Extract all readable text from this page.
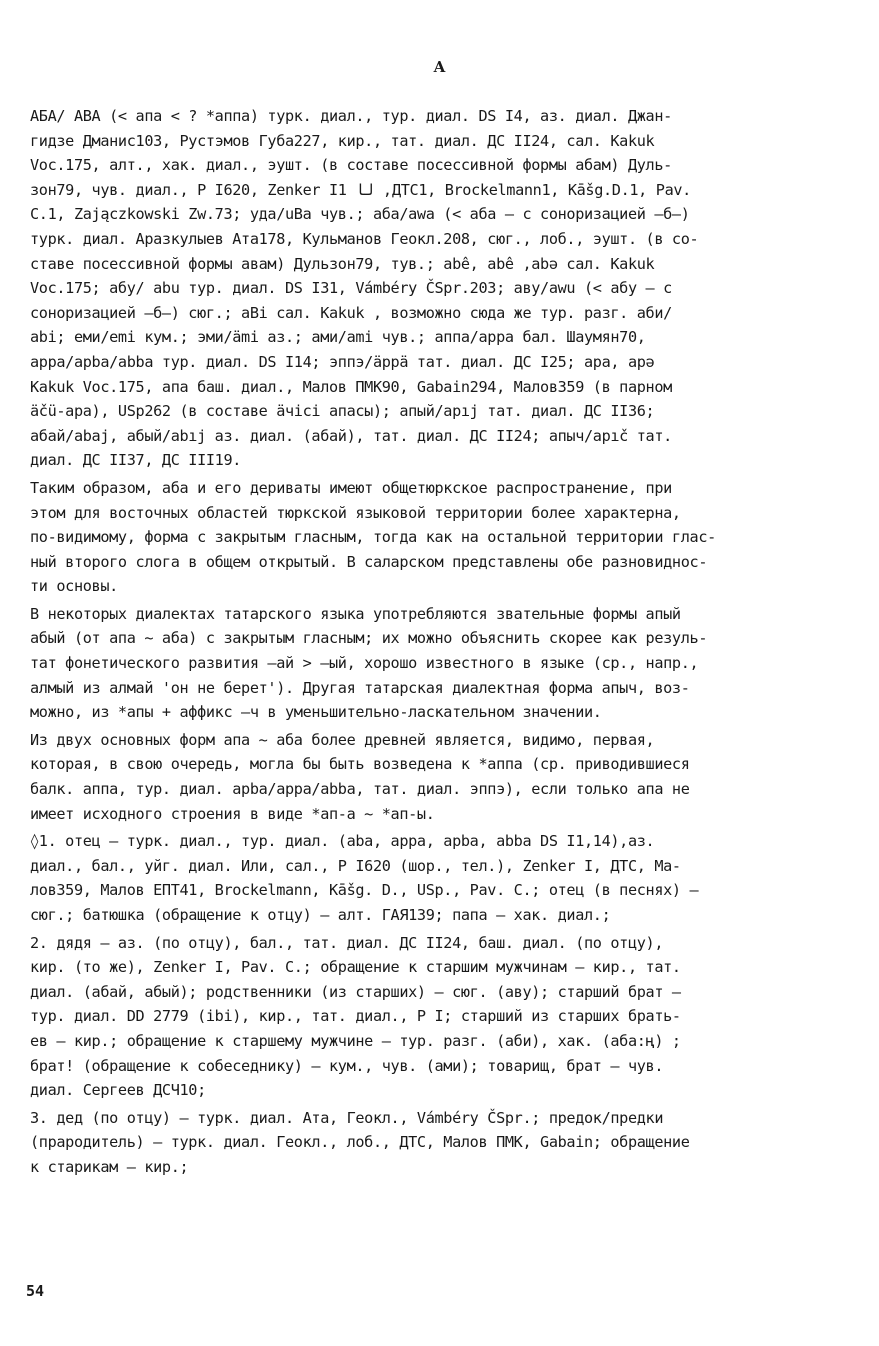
А
АБА/ ABA (< апа < ? *аппа) турк. диал., тур. диал. DS I4, аз. диал. Джан-
гидзе Дманис103, Рустэмов Губа227, кир., тат. диал. ДС II24, сал. Kakuk
Voc.175, алт., хак. диал., эушт. (в составе посессивной формы абам) Дуль-
зон79, чув. диал., Р I620, Zenker I1 ل‍ا ,ДТС1, Brockelmann1, Kāšg.D.1, Pav.
C.1, Zajączkowski Zw.73; уда/uBa чув.; аба/awa (< аба – с соноризацией –б–)
турк. диал. Аразкулыев Ата178, Кульманов Геокл.208, сюг., лоб., эушт. (в со-
ставе посессивной формы авам) Дульзон79, тув.; abê, abê ,abə сал. Kakuk
Voc.175; абу/ abu тур. диал. DS I31, Vámbéry ČSpr.203; аву/awu (< абу – с
соноризацией –б–) сюг.; aBi сал. Kakuk , возможно сюда же тур. разг. аби/
abi; еми/emi кум.; эми/ämi аз.; ами/ami чув.; аппа/appa бал. Шаумян70,
appa/apba/abba тур. диал. DS I14; эппэ/äppä тат. диал. ДС I25; apa, apə
Kakuk Voc.175, апа баш. диал., Малов ПМК90, Gabain294, Малов359 (в парном
äčü-apa), USp262 (в составе äчісі апасы); апый/apıj тат. диал. ДС II36;
абай/abaj, абый/abıj аз. диал. (абай), тат. диал. ДС II24; апыч/apıč тат.
диал. ДС II37, ДС III19.
Таким образом, аба и его дериваты имеют общетюркское распространение, при
этом для восточных областей тюркской языковой территории более характерна,
по-видимому, форма с закрытым гласным, тогда как на остальной территории глас-
ный второго слога в общем открытый. В саларском представлены обе разновиднос-
ти основы.
В некоторых диалектах татарского языка употребляются звательные формы апый
абый (от апа ~ аба) с закрытым гласным; их можно объяснить скорее как резуль-
тат фонетического развития –ай > –ый, хорошо известного в языке (ср., напр.,
алмый из алмай 'он не берет'). Другая татарская диалектная форма апыч, воз-
можно, из *апы + аффикс –ч в уменьшительно-ласкательном значении.
Из двух основных форм апа ~ аба более древней является, видимо, первая,
которая, в свою очередь, могла бы быть возведена к *аппа (ср. приводившиеся
балк. аппа, тур. диал. apba/appa/abba, тат. диал. эппэ), если только апа не
имеет исходного строения в виде *ап-а ~ *ап-ы.
◊1. отец – турк. диал., тур. диал. (aba, appa, apba, abba DS I1,14),аз.
диал., бал., уйг. диал. Или, сал., Р I620 (шор., тел.), Zenker I, ДТС, Ма-
лов359, Малов ЕПТ41, Brockelmann, Kāšg. D., USp., Pav. C.; отец (в песнях) –
сюг.; батюшка (обращение к отцу) – алт. ГАЯ139; папа – хак. диал.;
2. дядя – аз. (по отцу), бал., тат. диал. ДС II24, баш. диал. (по отцу),
кир. (то же), Zenker I, Pav. C.; обращение к старшим мужчинам – кир., тат.
диал. (абай, абый); родственники (из старших) – сюг. (аву); старший брат –
тур. диал. DD 2779 (ibi), кир., тат. диал., Р I; старший из старших брать-
ев – кир.; обращение к старшему мужчине – тур. разг. (аби), хак. (аба:ң) ;
брат! (обращение к собеседнику) – кум., чув. (ами); товарищ, брат – чув.
диал. Сергеев ДСЧ10;
3. дед (по отцу) – турк. диал. Ата, Геокл., Vámbéry ČSpr.; предок/предки
(прародитель) – турк. диал. Геокл., лоб., ДТС, Малов ПМК, Gabain; обращение
к старикам – кир.;
54
